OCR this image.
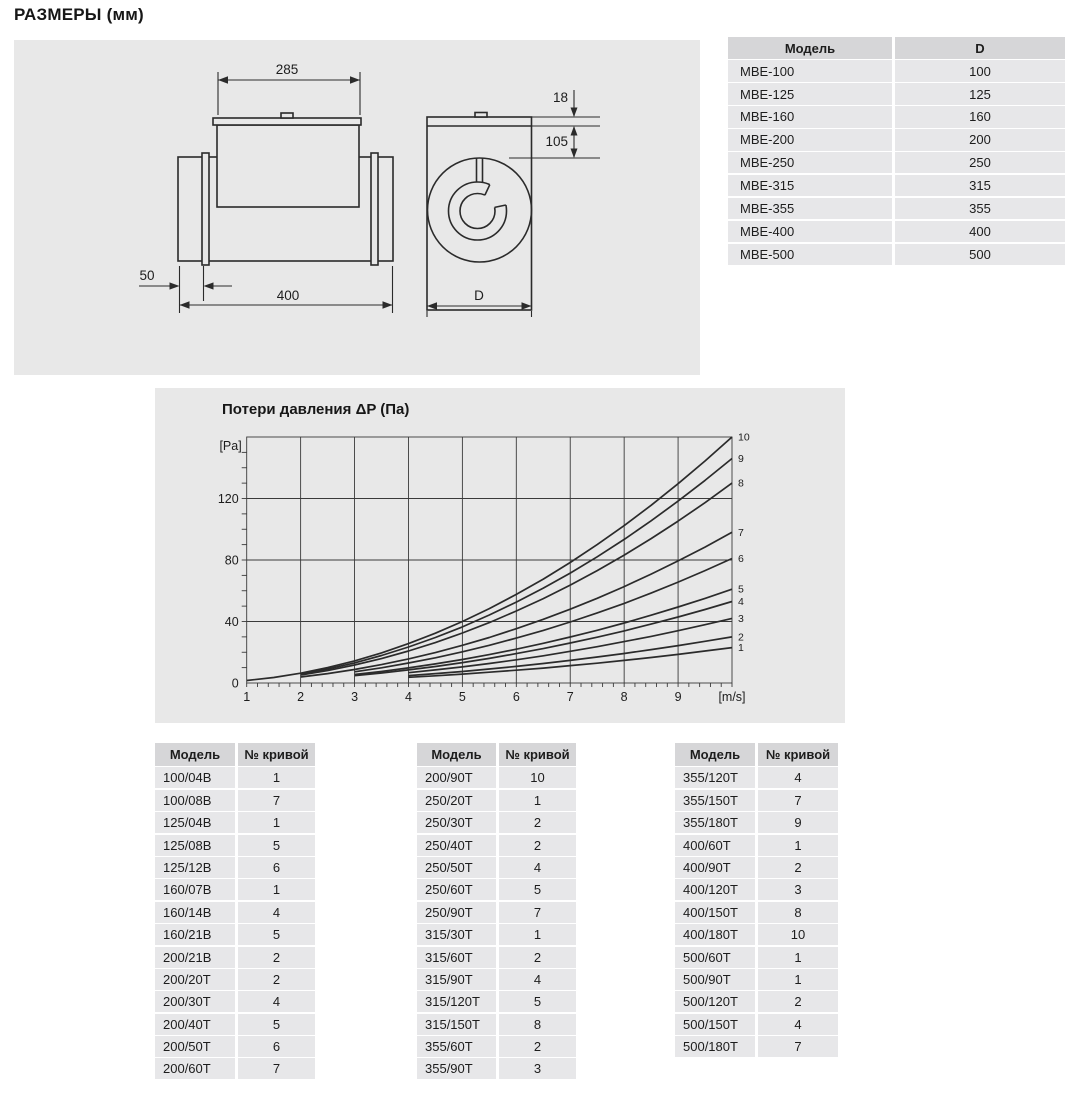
РАЗМЕРЫ (мм)
285
50
400
18
105
D
Модель	D
МВЕ-100	100
МВЕ-125	125
МВЕ-160	160
МВЕ-200	200
МВЕ-250	250
МВЕ-315	315
МВЕ-355	355
МВЕ-400	400
МВЕ-500	500
Потери давления ΔP (Па)
1	2	3	4	5	6	7	8	9	[m/s]
0
40
80
120
[Pa]
10
9
8
7
6
5
4
3
2
1
Модель	№ кривой
100/04В	1
100/08В	7
125/04В	1
125/08В	5
125/12В	6
160/07В	1
160/14В	4
160/21В	5
200/21В	2
200/20Т	2
200/30Т	4
200/40Т	5
200/50Т	6
200/60Т	7
Модель	№ кривой
200/90Т	10
250/20Т	1
250/30Т	2
250/40Т	2
250/50Т	4
250/60Т	5
250/90Т	7
315/30Т	1
315/60Т	2
315/90Т	4
315/120Т	5
315/150Т	8
355/60Т	2
355/90Т	3
Модель	№ кривой
355/120Т	4
355/150Т	7
355/180Т	9
400/60Т	1
400/90Т	2
400/120Т	3
400/150Т	8
400/180Т	10
500/60Т	1
500/90Т	1
500/120Т	2
500/150Т	4
500/180Т	7
